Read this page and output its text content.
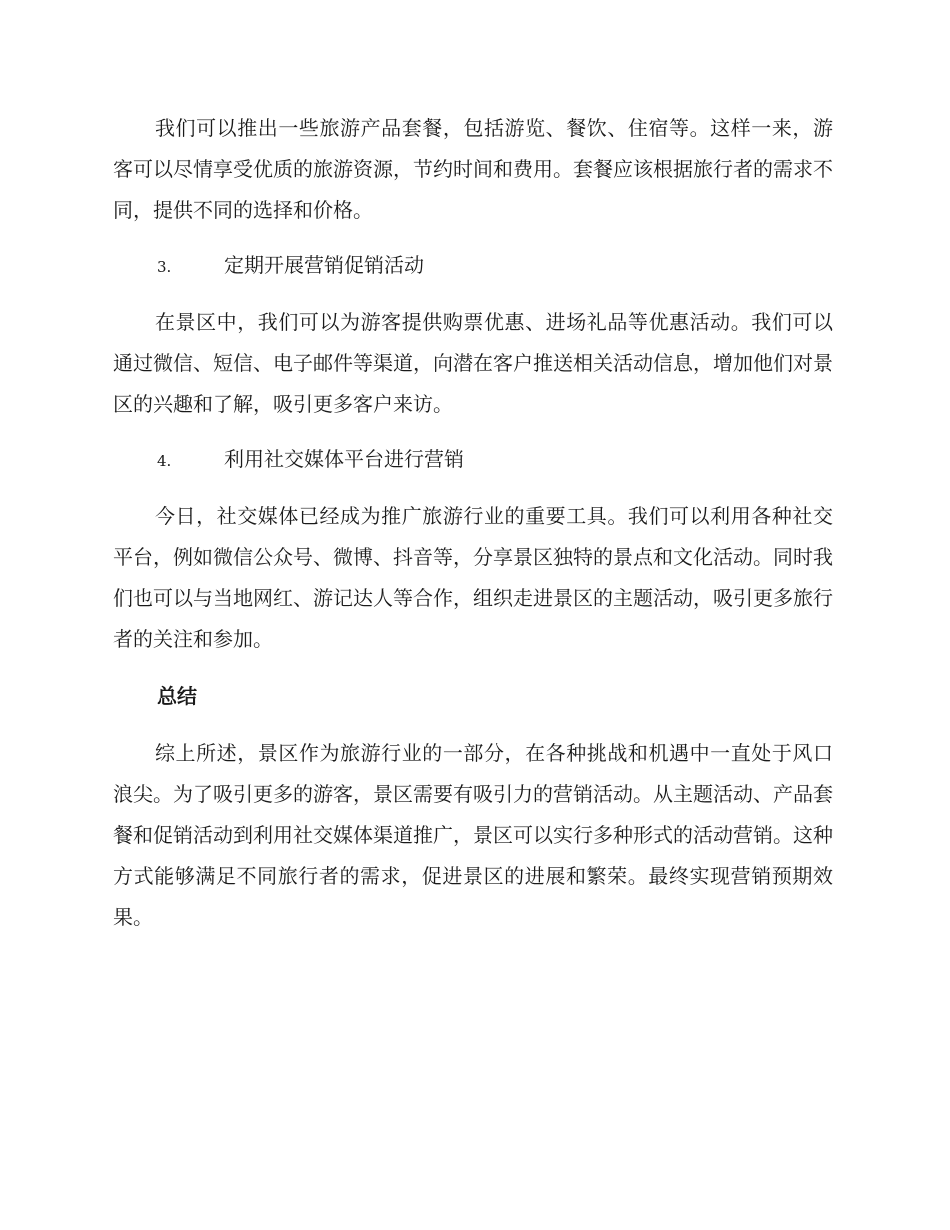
我们可以推出一些旅游产品套餐，包括游览、餐饮、住宿等。这样一来，游客可以尽情享受优质的旅游资源，节约时间和费用。套餐应该根据旅行者的需求不同，提供不同的选择和价格。

3.	定期开展营销促销活动

在景区中，我们可以为游客提供购票优惠、进场礼品等优惠活动。我们可以通过微信、短信、电子邮件等渠道，向潜在客户推送相关活动信息，增加他们对景区的兴趣和了解，吸引更多客户来访。

4.	利用社交媒体平台进行营销

今日，社交媒体已经成为推广旅游行业的重要工具。我们可以利用各种社交平台，例如微信公众号、微博、抖音等，分享景区独特的景点和文化活动。同时我们也可以与当地网红、游记达人等合作，组织走进景区的主题活动，吸引更多旅行者的关注和参加。

总结

综上所述，景区作为旅游行业的一部分，在各种挑战和机遇中一直处于风口浪尖。为了吸引更多的游客，景区需要有吸引力的营销活动。从主题活动、产品套餐和促销活动到利用社交媒体渠道推广，景区可以实行多种形式的活动营销。这种方式能够满足不同旅行者的需求，促进景区的进展和繁荣。最终实现营销预期效果。
